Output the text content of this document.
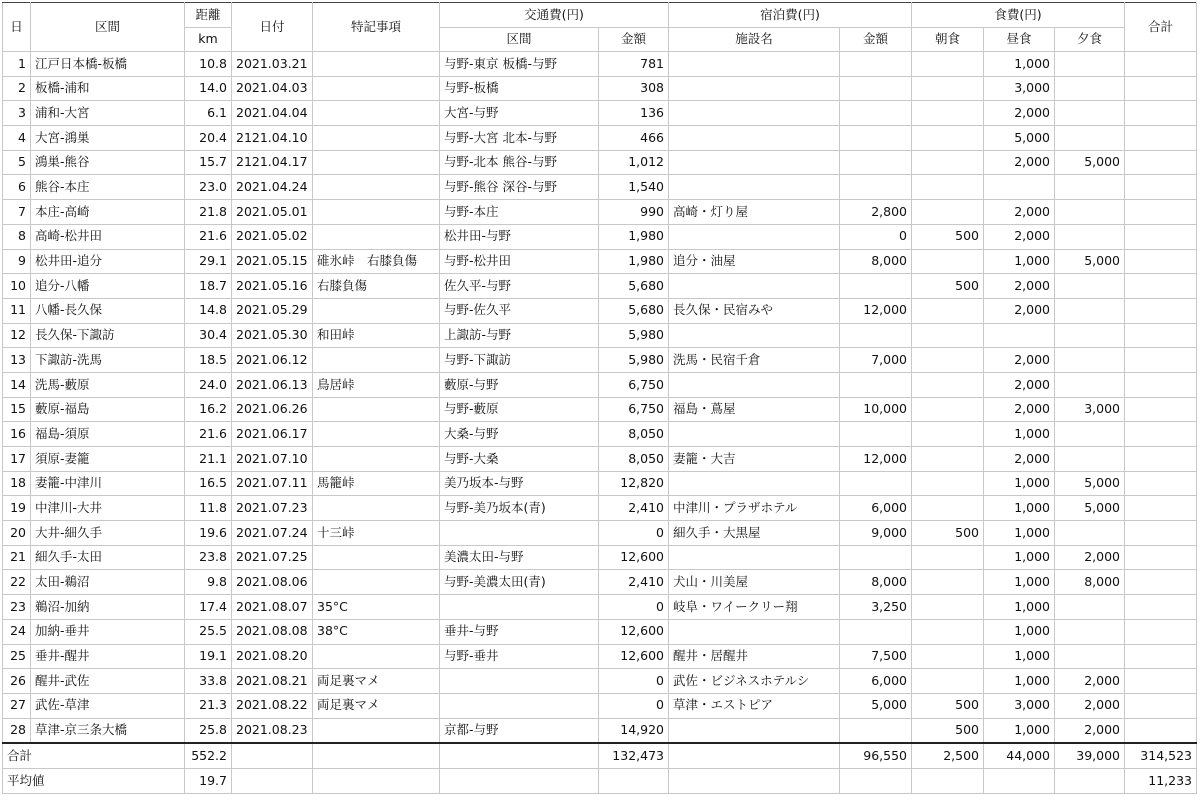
日	区間	距離	日付	特記事項	交通費(円)		宿泊費(円)		食費(円)			合計
		km			区間	金額	施設名	金額	朝食	昼食	夕食	
1	江戸日本橋-板橋	10.8	2021.03.21		与野-東京 板橋-与野	781				1,000		
2	板橋-浦和	14.0	2021.04.03		与野-板橋	308				3,000		
3	浦和-大宮	6.1	2021.04.04		大宮-与野	136				2,000		
4	大宮-鴻巣	20.4	2121.04.10		与野-大宮 北本-与野	466				5,000		
5	鴻巣-熊谷	15.7	2121.04.17		与野-北本 熊谷-与野	1,012				2,000	5,000	
6	熊谷-本庄	23.0	2021.04.24		与野-熊谷 深谷-与野	1,540						
7	本庄-高崎	21.8	2021.05.01		与野-本庄	990	高崎・灯り屋	2,800		2,000		
8	高崎-松井田	21.6	2021.05.02		松井田-与野	1,980		0	500	2,000		
9	松井田-追分	29.1	2021.05.15	碓氷峠　右膝負傷	与野-松井田	1,980	追分・油屋	8,000		1,000	5,000	
10	追分-八幡	18.7	2021.05.16	右膝負傷	佐久平-与野	5,680			500	2,000		
11	八幡-長久保	14.8	2021.05.29		与野-佐久平	5,680	長久保・民宿みや	12,000		2,000		
12	長久保-下諏訪	30.4	2021.05.30	和田峠	上諏訪-与野	5,980						
13	下諏訪-洗馬	18.5	2021.06.12		与野-下諏訪	5,980	洗馬・民宿千倉	7,000		2,000		
14	洗馬-藪原	24.0	2021.06.13	鳥居峠	藪原-与野	6,750				2,000		
15	藪原-福島	16.2	2021.06.26		与野-藪原	6,750	福島・蔦屋	10,000		2,000	3,000	
16	福島-須原	21.6	2021.06.17		大桑-与野	8,050				1,000		
17	須原-妻籠	21.1	2021.07.10		与野-大桑	8,050	妻籠・大吉	12,000		2,000		
18	妻籠-中津川	16.5	2021.07.11	馬籠峠	美乃坂本-与野	12,820				1,000	5,000	
19	中津川-大井	11.8	2021.07.23		与野-美乃坂本(青)	2,410	中津川・プラザホテル	6,000		1,000	5,000	
20	大井-細久手	19.6	2021.07.24	十三峠		0	細久手・大黒屋	9,000	500	1,000		
21	細久手-太田	23.8	2021.07.25		美濃太田-与野	12,600				1,000	2,000	
22	太田-鵜沼	9.8	2021.08.06		与野-美濃太田(青)	2,410	犬山・川美屋	8,000		1,000	8,000	
23	鵜沼-加納	17.4	2021.08.07	35°C		0	岐阜・ワイークリー翔	3,250		1,000		
24	加納-垂井	25.5	2021.08.08	38°C	垂井-与野	12,600				1,000		
25	垂井-醒井	19.1	2021.08.20		与野-垂井	12,600	醒井・居醒井	7,500		1,000		
26	醒井-武佐	33.8	2021.08.21	両足裏マメ		0	武佐・ビジネスホテルシ	6,000		1,000	2,000	
27	武佐-草津	21.3	2021.08.22	両足裏マメ		0	草津・エストピア	5,000	500	3,000	2,000	
28	草津-京三条大橋	25.8	2021.08.23		京都-与野	14,920			500	1,000	2,000	
合計		552.2				132,473		96,550	2,500	44,000	39,000	314,523
平均値		19.7										11,233
